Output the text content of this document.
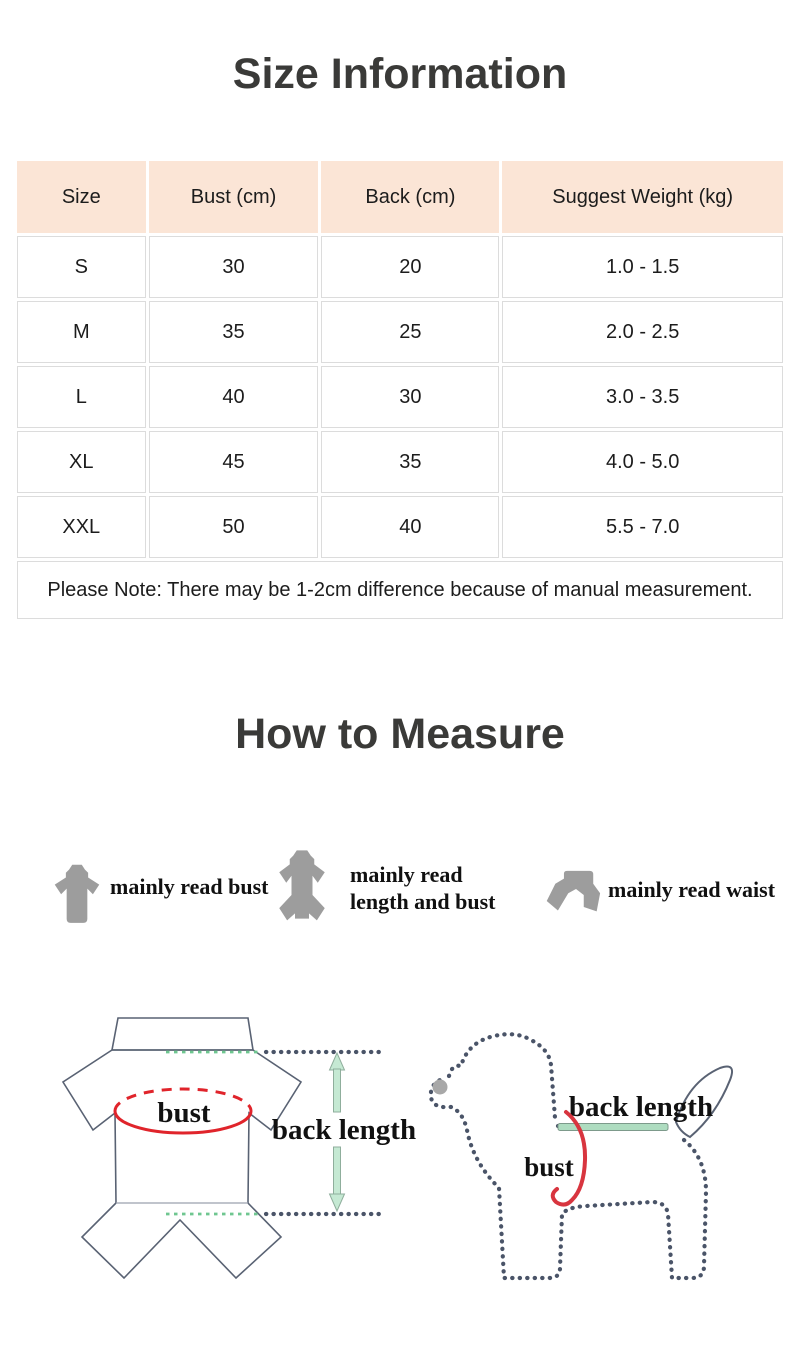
Size Information
Size	Bust (cm)	Back (cm)	Suggest Weight (kg)
S	30	20	1.0 - 1.5
M	35	25	2.0 - 2.5
L	40	30	3.0 - 3.5
XL	45	35	4.0 - 5.0
XXL	50	40	5.5 - 7.0
Please Note: There may be 1-2cm difference because of manual measurement.			
How to Measure
mainly read bust	mainly read
length and bust	mainly read waist
bust
back length
back length
bust
